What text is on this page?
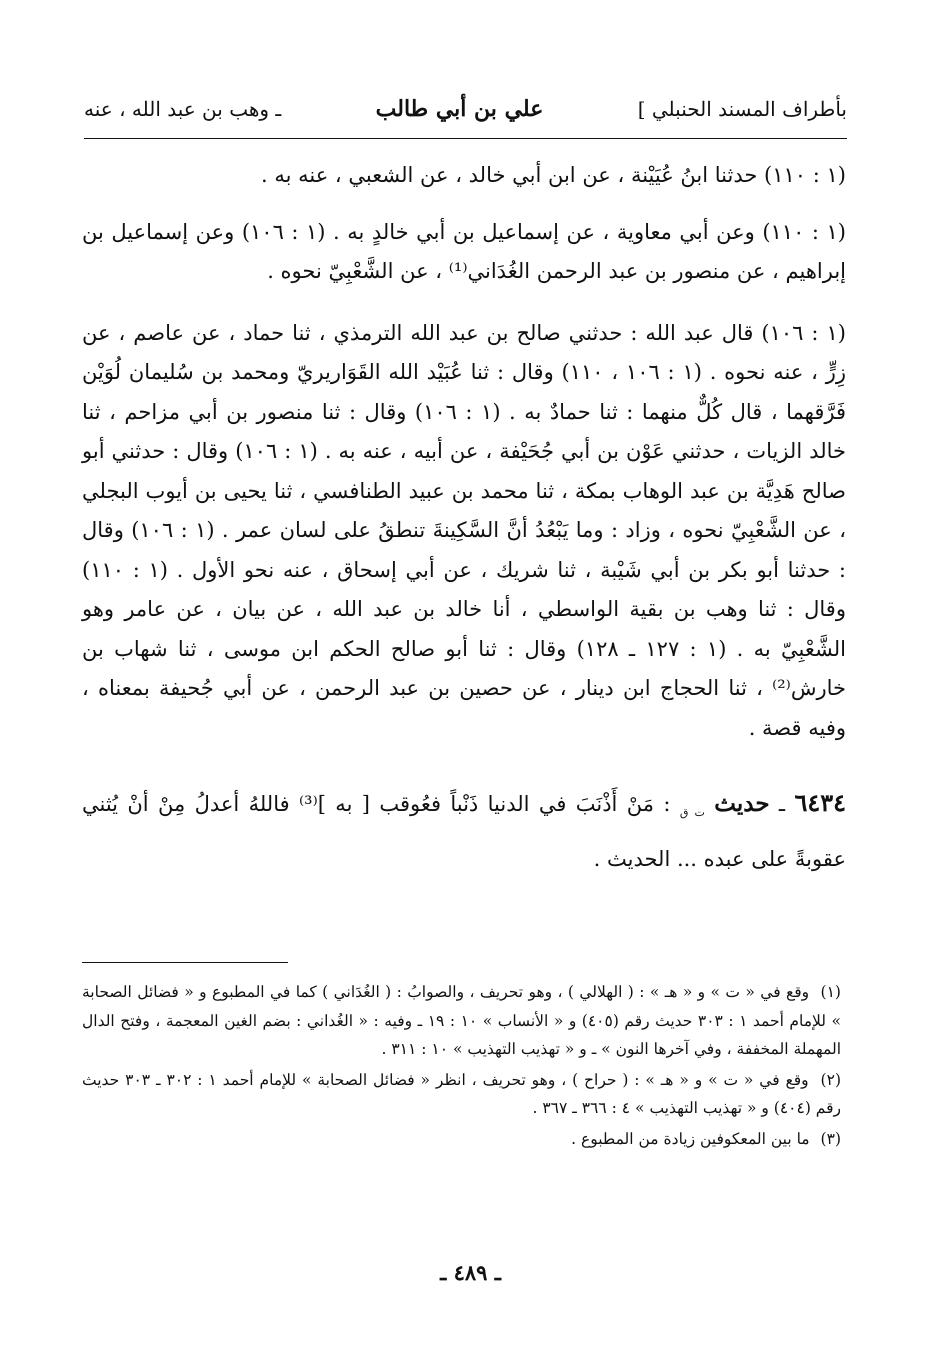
بأطراف المسند الحنبلي ]
علي بن أبي طالب
ـ وهب بن عبد الله ، عنه

(١ : ١١٠) حدثنا ابنُ عُيَيْنة ، عن ابن أبي خالد ، عن الشعبي ، عنه به .

(١ : ١١٠) وعن أبي معاوية ، عن إسماعيل بن أبي خالدٍ به . (١ : ١٠٦) وعن إسماعيل بن إبراهيم ، عن منصور بن عبد الرحمن الغُدَاني⁽¹⁾ ، عن الشَّعْبِيّ نحوه .

(١ : ١٠٦) قال عبد الله : حدثني صالح بن عبد الله الترمذي ، ثنا حماد ، عن عاصم ، عن زِرٍّ ، عنه نحوه . (١ : ١٠٦ ، ١١٠) وقال : ثنا عُبَيْد الله القَوَاريريّ ومحمد بن سُليمان لُوَيْن فَرَّقهما ، قال كُلٌّ منهما : ثنا حمادٌ به . (١ : ١٠٦) وقال : ثنا منصور بن أبي مزاحم ، ثنا خالد الزيات ، حدثني عَوْن بن أبي جُحَيْفة ، عن أبيه ، عنه به . (١ : ١٠٦) وقال : حدثني أبو صالح هَدِيَّة بن عبد الوهاب بمكة ، ثنا محمد بن عبيد الطنافسي ، ثنا يحيى بن أيوب البجلي ، عن الشَّعْبِيّ نحوه ، وزاد : وما يَبْعُدُ أنَّ السَّكِينةَ تنطقُ على لسان عمر . (١ : ١٠٦) وقال : حدثنا أبو بكر بن أبي شَيْبة ، ثنا شريك ، عن أبي إسحاق ، عنه نحو الأول . (١ : ١١٠) وقال : ثنا وهب بن بقية الواسطي ، أنا خالد بن عبد الله ، عن بيان ، عن عامر وهو الشَّعْبِيّ به . (١ : ١٢٧ ـ ١٢٨) وقال : ثنا أبو صالح الحكم ابن موسى ، ثنا شهاب بن خارش⁽²⁾ ، ثنا الحجاج ابن دينار ، عن حصين بن عبد الرحمن ، عن أبي جُحيفة بمعناه ، وفيه قصة .

٦٤٣٤ ـ حديث $_{ت ق}$ : مَنْ أَذْنَبَ في الدنيا ذَنْباً فعُوقب [ به ]⁽³⁾ فاللهُ أعدلُ مِنْ أنْ يُثني عقوبةً على عبده ... الحديث .

(١) وقع في « ت » و « هـ » : ( الهلالي ) ، وهو تحريف ، والصوابُ : ( الغُدَاني ) كما في المطبوع و « فضائل الصحابة » للإمام أحمد ١ : ٣٠٣ حديث رقم (٤٠٥) و « الأنساب » ١٠ : ١٩ ـ وفيه : « الغُداني : بضم الغين المعجمة ، وفتح الدال المهملة المخففة ، وفي آخرها النون » ـ و « تهذيب التهذيب » ١٠ : ٣١١ .

(٢) وقع في « ت » و « هـ » : ( حراح ) ، وهو تحريف ، انظر « فضائل الصحابة » للإمام أحمد ١ : ٣٠٢ ـ ٣٠٣ حديث رقم (٤٠٤) و « تهذيب التهذيب » ٤ : ٣٦٦ ـ ٣٦٧ .

(٣) ما بين المعكوفين زيادة من المطبوع .

ـ ٤٨٩ ـ
